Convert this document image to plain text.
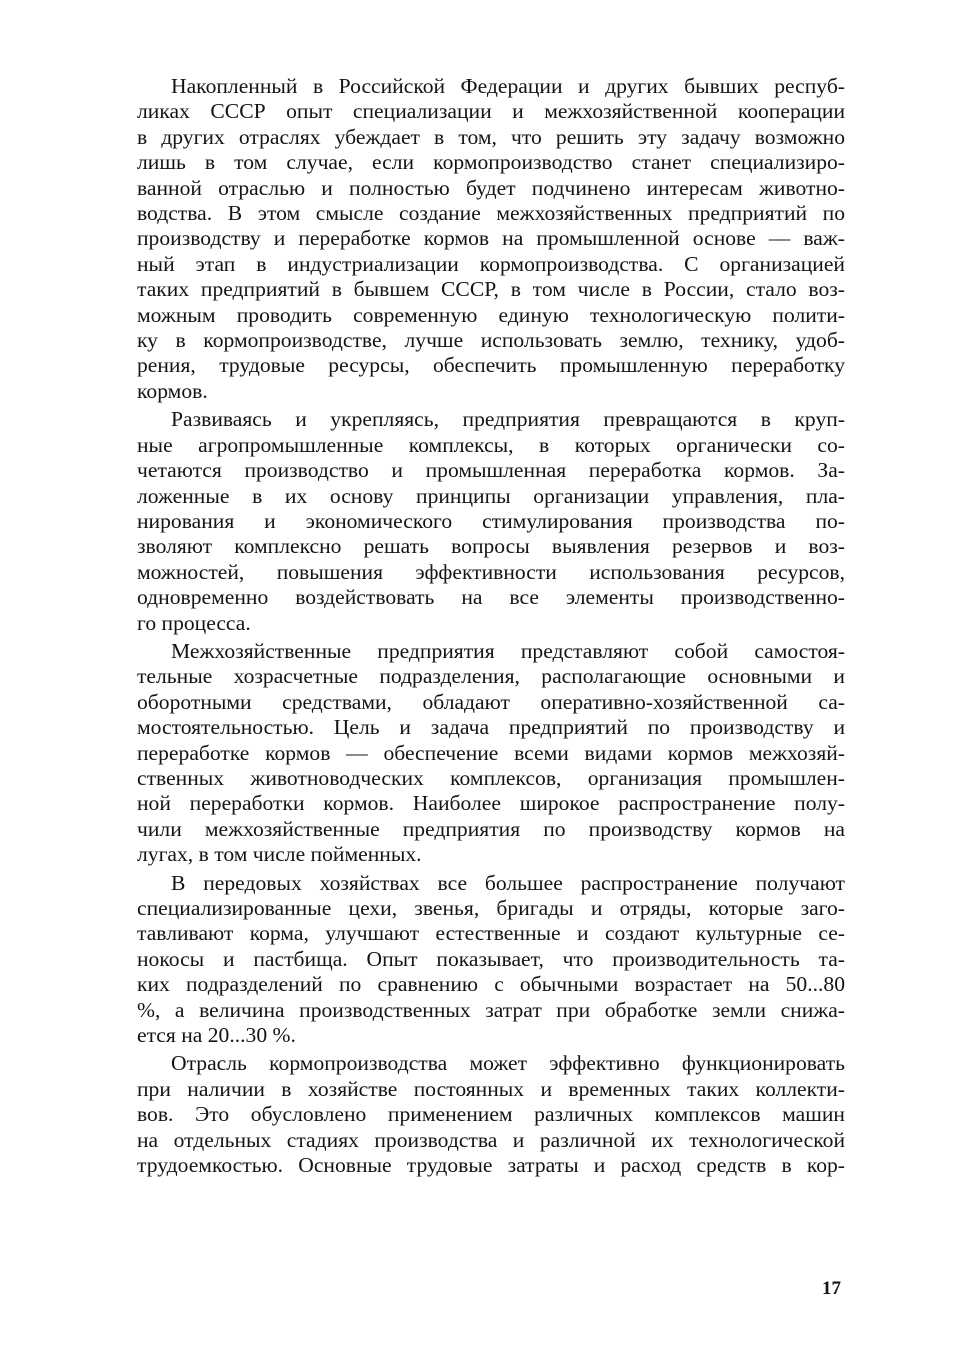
Накопленный в Российской Федерации и других бывших респуб-
ликах СССР опыт специализации и межхозяйственной кооперации
в других отраслях убеждает в том, что решить эту задачу возможно
лишь в том случае, если кормопроизводство станет специализиро-
ванной отраслью и полностью будет подчинено интересам животно-
водства. В этом смысле создание межхозяйственных предприятий по
производству и переработке кормов на промышленной основе — важ-
ный этап в индустриализации кормопроизводства. С организацией
таких предприятий в бывшем СССР, в том числе в России, стало воз-
можным проводить современную единую технологическую полити-
ку в кормопроизводстве, лучше использовать землю, технику, удоб-
рения, трудовые ресурсы, обеспечить промышленную переработку
кормов.
Развиваясь и укрепляясь, предприятия превращаются в круп-
ные агропромышленные комплексы, в которых органически со-
четаются производство и промышленная переработка кормов. За-
ложенные в их основу принципы организации управления, пла-
нирования и экономического стимулирования производства по-
зволяют комплексно решать вопросы выявления резервов и воз-
можностей, повышения эффективности использования ресурсов,
одновременно воздействовать на все элементы производственно-
го процесса.
Межхозяйственные предприятия представляют собой самостоя-
тельные хозрасчетные подразделения, располагающие основными и
оборотными средствами, обладают оперативно-хозяйственной са-
мостоятельностью. Цель и задача предприятий по производству и
переработке кормов — обеспечение всеми видами кормов межхозяй-
ственных животноводческих комплексов, организация промышлен-
ной переработки кормов. Наиболее широкое распространение полу-
чили межхозяйственные предприятия по производству кормов на
лугах, в том числе пойменных.
В передовых хозяйствах все большее распространение получают
специализированные цехи, звенья, бригады и отряды, которые заго-
тавливают корма, улучшают естественные и создают культурные се-
нокосы и пастбища. Опыт показывает, что производительность та-
ких подразделений по сравнению с обычными возрастает на 50...80
%, а величина производственных затрат при обработке земли снижа-
ется на 20...30 %.
Отрасль кормопроизводства может эффективно функционировать
при наличии в хозяйстве постоянных и временных таких коллекти-
вов. Это обусловлено применением различных комплексов машин
на отдельных стадиях производства и различной их технологической
трудоемкостью. Основные трудовые затраты и расход средств в кор-
17
